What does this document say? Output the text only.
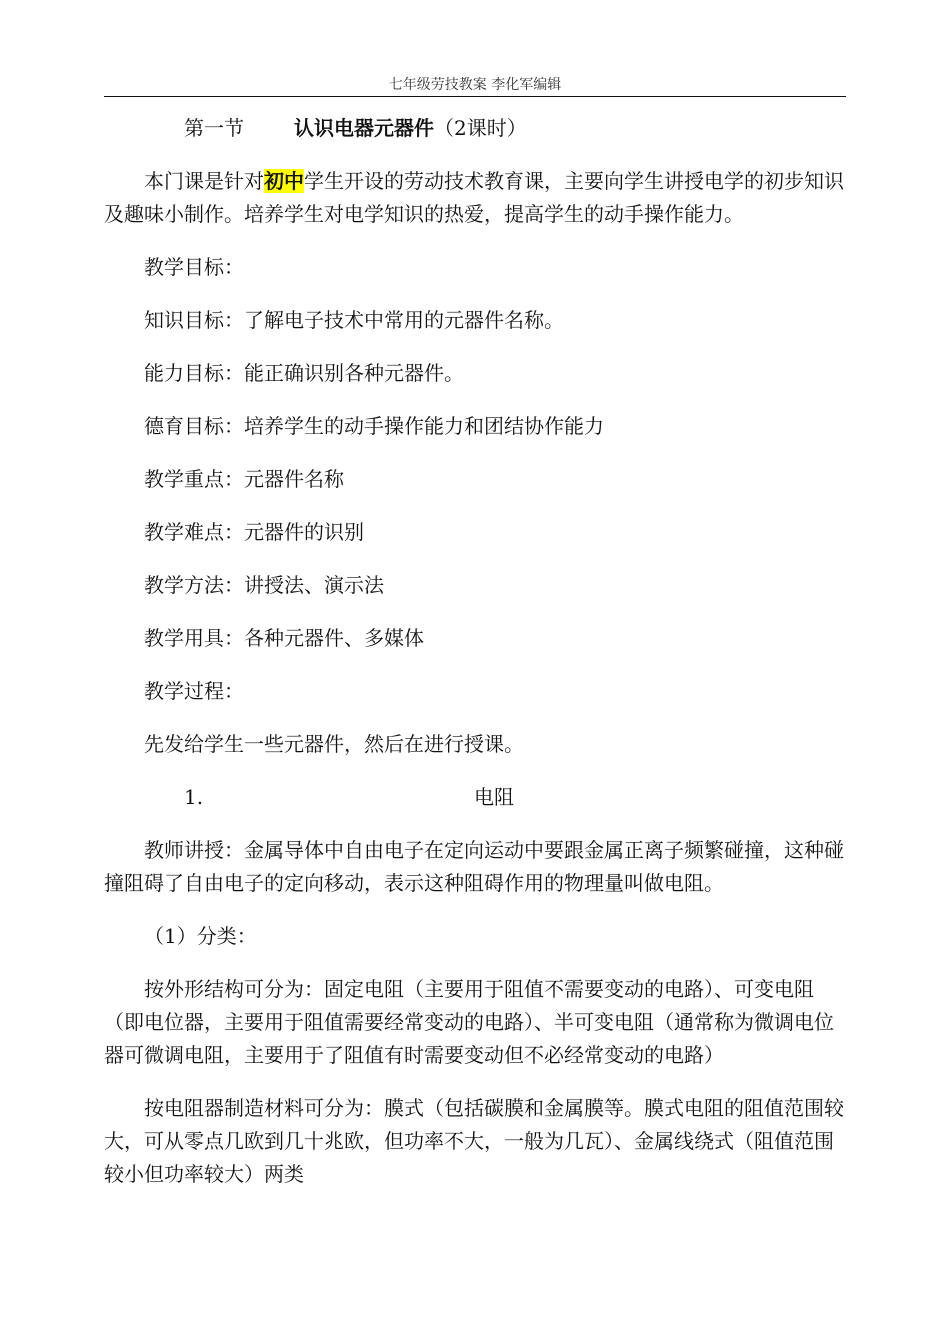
七年级劳技教案 李化军编辑

第一节	认识电器元器件（2课时）

本门课是针对初中学生开设的劳动技术教育课，主要向学生讲授电学的初步知识及趣味小制作。培养学生对电学知识的热爱，提高学生的动手操作能力。

教学目标：

知识目标：了解电子技术中常用的元器件名称。

能力目标：能正确识别各种元器件。

德育目标：培养学生的动手操作能力和团结协作能力

教学重点：元器件名称

教学难点：元器件的识别

教学方法：讲授法、演示法

教学用具：各种元器件、多媒体

教学过程：

先发给学生一些元器件，然后在进行授课。

1.	电阻

教师讲授：金属导体中自由电子在定向运动中要跟金属正离子频繁碰撞，这种碰撞阻碍了自由电子的定向移动，表示这种阻碍作用的物理量叫做电阻。

（1）分类：

按外形结构可分为：固定电阻（主要用于阻值不需要变动的电路）、可变电阻（即电位器，主要用于阻值需要经常变动的电路）、半可变电阻（通常称为微调电位器可微调电阻，主要用于了阻值有时需要变动但不必经常变动的电路）

按电阻器制造材料可分为：膜式（包括碳膜和金属膜等。膜式电阻的阻值范围较大，可从零点几欧到几十兆欧，但功率不大，一般为几瓦）、金属线绕式（阻值范围较小但功率较大）两类
